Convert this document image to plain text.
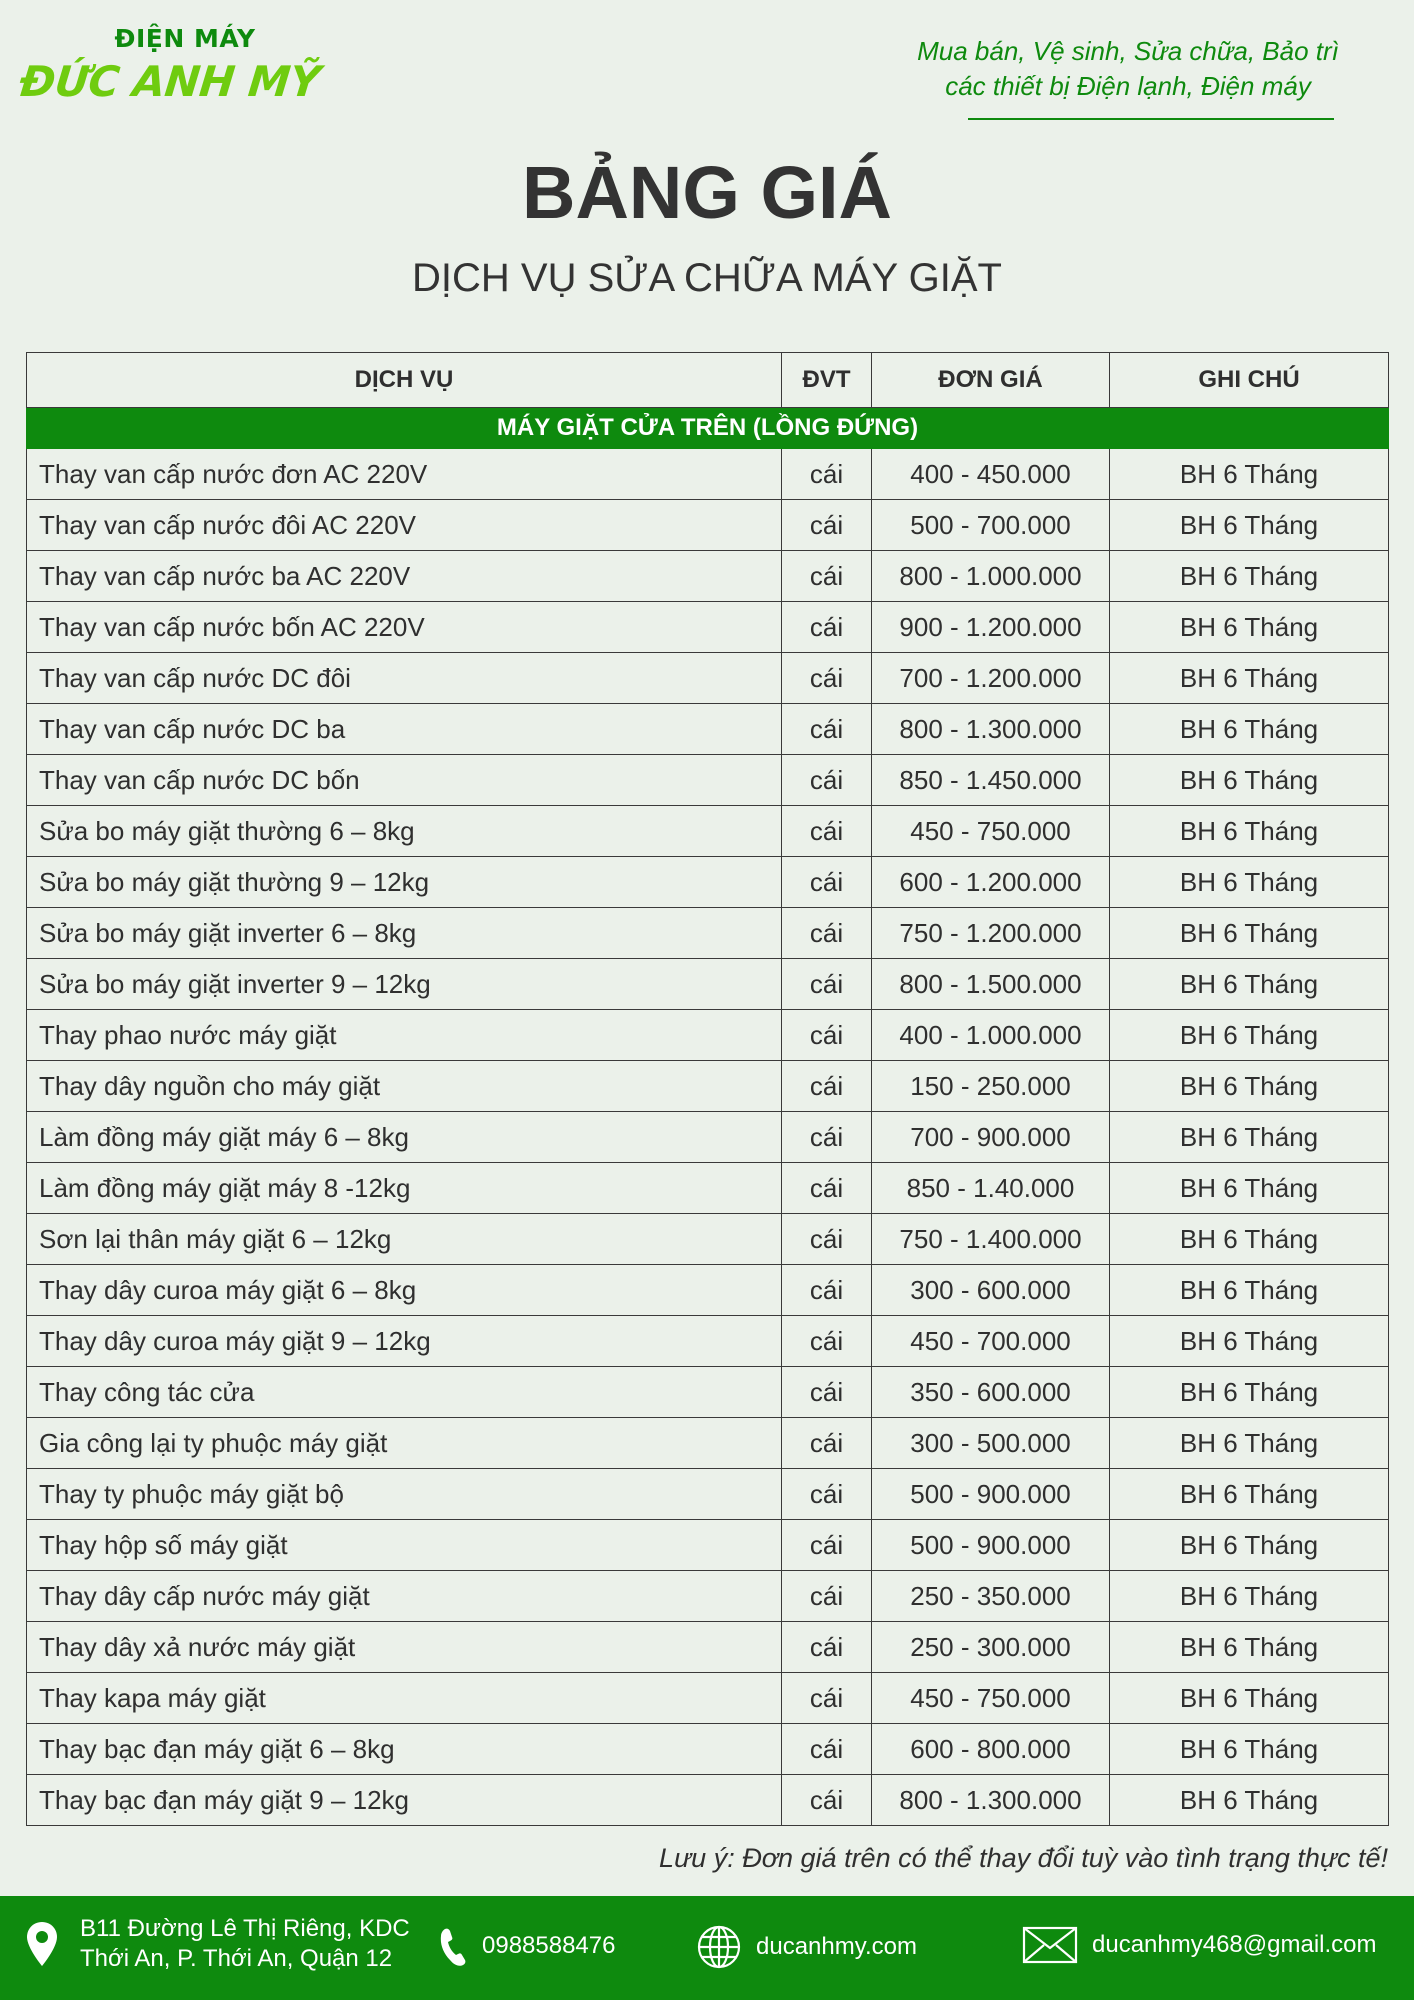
ĐIỆN MÁY
ĐỨC ANH MỸ
Mua bán, Vệ sinh, Sửa chữa, Bảo trì
các thiết bị Điện lạnh, Điện máy
BẢNG GIÁ
DỊCH VỤ SỬA CHỮA MÁY GIẶT
DỊCH VỤ	ĐVT	ĐƠN GIÁ	GHI CHÚ
MÁY GIẶT CỬA TRÊN (LỒNG ĐỨNG)			
Thay van cấp nước đơn AC 220V	cái	400 - 450.000	BH 6 Tháng
Thay van cấp nước đôi AC 220V	cái	500 - 700.000	BH 6 Tháng
Thay van cấp nước ba AC 220V	cái	800 - 1.000.000	BH 6 Tháng
Thay van cấp nước bốn AC 220V	cái	900 - 1.200.000	BH 6 Tháng
Thay van cấp nước DC đôi	cái	700 - 1.200.000	BH 6 Tháng
Thay van cấp nước DC ba	cái	800 - 1.300.000	BH 6 Tháng
Thay van cấp nước DC bốn	cái	850 - 1.450.000	BH 6 Tháng
Sửa bo máy giặt thường 6 – 8kg	cái	450 - 750.000	BH 6 Tháng
Sửa bo máy giặt thường 9 – 12kg	cái	600 - 1.200.000	BH 6 Tháng
Sửa bo máy giặt inverter 6 – 8kg	cái	750 - 1.200.000	BH 6 Tháng
Sửa bo máy giặt inverter 9 – 12kg	cái	800 - 1.500.000	BH 6 Tháng
Thay phao nước máy giặt	cái	400 - 1.000.000	BH 6 Tháng
Thay dây nguồn cho máy giặt	cái	150 - 250.000	BH 6 Tháng
Làm đồng máy giặt máy 6 – 8kg	cái	700 - 900.000	BH 6 Tháng
Làm đồng máy giặt máy 8 -12kg	cái	850 - 1.40.000	BH 6 Tháng
Sơn lại thân máy giặt 6 – 12kg	cái	750 - 1.400.000	BH 6 Tháng
Thay dây curoa máy giặt 6 – 8kg	cái	300 - 600.000	BH 6 Tháng
Thay dây curoa máy giặt 9 – 12kg	cái	450 - 700.000	BH 6 Tháng
Thay công tác cửa	cái	350 - 600.000	BH 6 Tháng
Gia công lại ty phuộc máy giặt	cái	300 - 500.000	BH 6 Tháng
Thay ty phuộc máy giặt bộ	cái	500 - 900.000	BH 6 Tháng
Thay hộp số máy giặt	cái	500 - 900.000	BH 6 Tháng
Thay dây cấp nước máy giặt	cái	250 - 350.000	BH 6 Tháng
Thay dây xả nước máy giặt	cái	250 - 300.000	BH 6 Tháng
Thay kapa máy giặt	cái	450 - 750.000	BH 6 Tháng
Thay bạc đạn máy giặt 6 – 8kg	cái	600 - 800.000	BH 6 Tháng
Thay bạc đạn máy giặt 9 – 12kg	cái	800 - 1.300.000	BH 6 Tháng
Lưu ý: Đơn giá trên có thể thay đổi tuỳ vào tình trạng thực tế!
B11 Đường Lê Thị Riêng, KDC
Thới An, P. Thới An, Quận 12	0988588476	ducanhmy.com	ducanhmy468@gmail.com
